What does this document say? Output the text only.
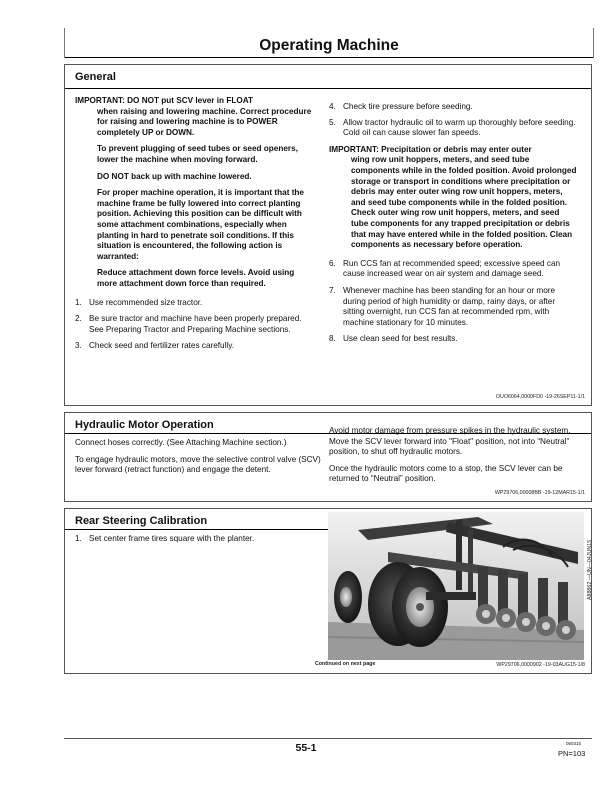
Operating Machine
General

IMPORTANT: DO NOT put SCV lever in FLOAT

when raising and lowering machine. Correct procedure for raising and lowering machine is to POWER completely UP or DOWN.

To prevent plugging of seed tubes or seed openers, lower the machine when moving forward.

DO NOT back up with machine lowered.

For proper machine operation, it is important that the machine frame be fully lowered into correct planting position. Achieving this position can be difficult with some attachment combinations, especially when planting in hard to penetrate soil conditions. If this situation is encountered, the following action is warranted:

Reduce attachment down force levels. Avoid using more attachment down force than required.

1. Use recommended size tractor.
2. Be sure tractor and machine have been properly prepared. See Preparing Tractor and Preparing Machine sections.
3. Check seed and fertilizer rates carefully.
4. Check tire pressure before seeding.
5. Allow tractor hydraulic oil to warm up thoroughly before seeding. Cold oil can cause slower fan speeds.

IMPORTANT: Precipitation or debris may enter outer

wing row unit hoppers, meters, and seed tube components while in the folded position. Avoid prolonged storage or transport in conditions where precipitation or debris may enter outer wing row unit hoppers, meters, and seed tube components while in the folded position. Check outer wing row unit hoppers, meters, and seed tube components for any trapped precipitation or debris that may have entered while in the folded position. Clean components as necessary before operation.

6. Run CCS fan at recommended speed; excessive speed can cause increased wear on air system and damage seed.
7. Whenever machine has been standing for an hour or more during period of high humidity or damp, rainy days, or after sitting overnight, run CCS fan at recommended rpm, with machine stationary for 10 minutes.
8. Use clean seed for best results.
OUO6064,0000FD0 -19-26SEP11-1/1
Hydraulic Motor Operation

Connect hoses correctly. (See Attaching Machine section.)

To engage hydraulic motors, move the selective control valve (SCV) lever forward (retract function) and engage the detent.

Avoid motor damage from pressure spikes in the hydraulic system. Move the SCV lever forward into "Float" position, not into “Neutral” position, to shut off hydraulic motors.

Once the hydraulic motors come to a stop, the SCV lever can be returned to “Neutral” position.

WP29706,00008BB -19-12MAR15-1/1
Rear Steering Calibration
1. Set center frame tires square with the planter.
Continued on next page	WP29706,0000902 -19-03AUG15-1/8
A88862 —UN—04JUN15
55-1	060315
PN=103
